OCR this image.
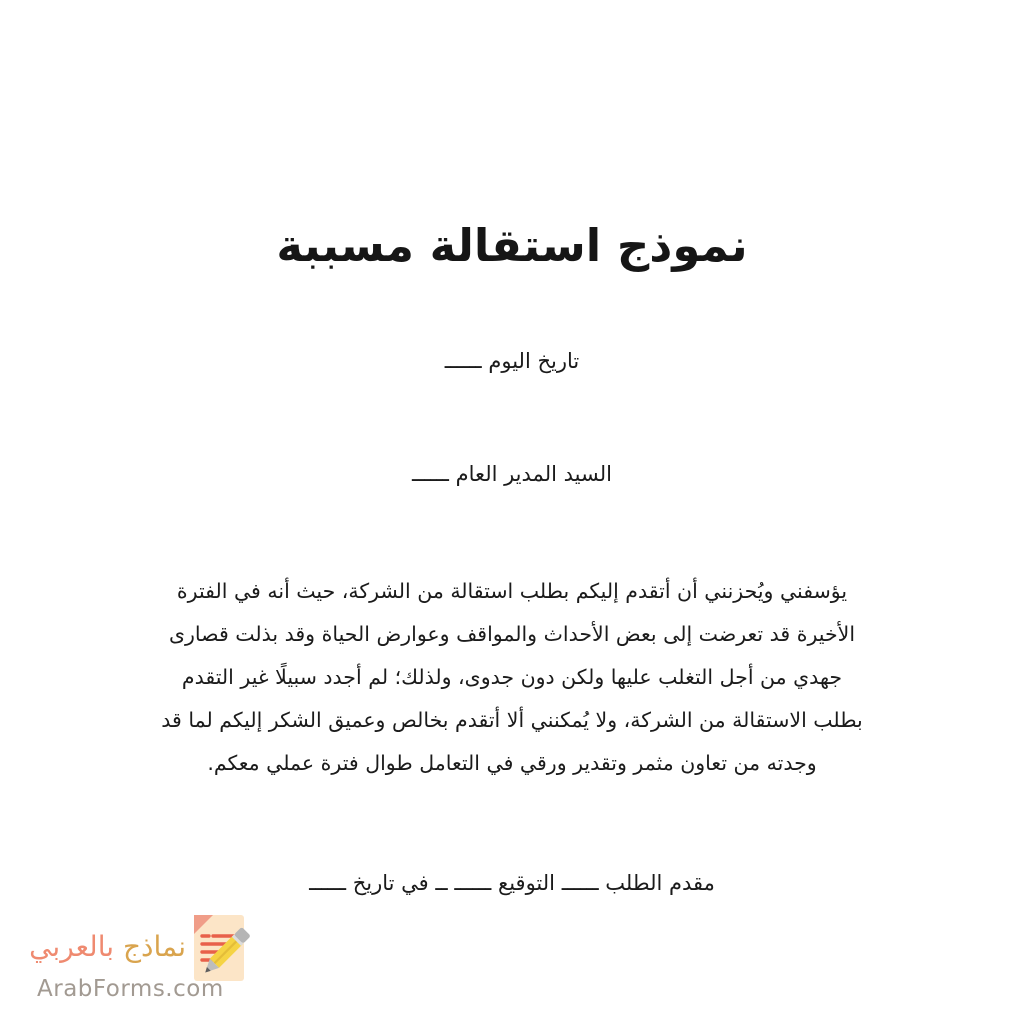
نموذج استقالة مسببة
تاريخ اليوم ــــــ
السيد المدير العام ــــــ
يؤسفني ويُحزنني أن أتقدم إليكم بطلب استقالة من الشركة، حيث أنه في الفترة
الأخيرة قد تعرضت إلى بعض الأحداث والمواقف وعوارض الحياة وقد بذلت قصارى
جهدي من أجل التغلب عليها ولكن دون جدوى، ولذلك؛ لم أجدد سبيلًا غير التقدم
بطلب الاستقالة من الشركة، ولا يُمكنني ألا أتقدم بخالص وعميق الشكر إليكم لما قد
وجدته من تعاون مثمر وتقدير ورقي في التعامل طوال فترة عملي معكم.
مقدم الطلب ــــــ التوقيع ــــــ ــ في تاريخ ــــــ
نماذج بالعربي
ArabForms.com
